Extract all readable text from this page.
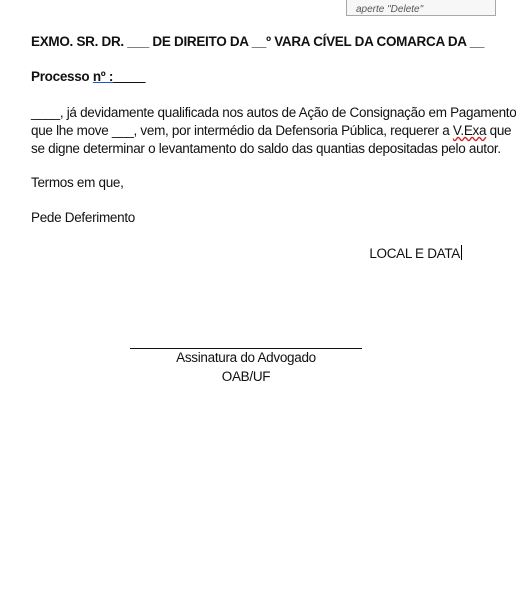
aperte "Delete"
EXMO. SR. DR. ___ DE DIREITO DA __º VARA CÍVEL DA COMARCA DA __
Processo nº : ____
____, já devidamente qualificada nos autos de Ação de Consignação em Pagamento
que lhe move ___, vem, por intermédio da Defensoria Pública, requerer a V.Exa que
se digne determinar o levantamento do saldo das quantias depositadas pelo autor.
Termos em que,
Pede Deferimento
LOCAL E DATA
Assinatura do Advogado
OAB/UF
